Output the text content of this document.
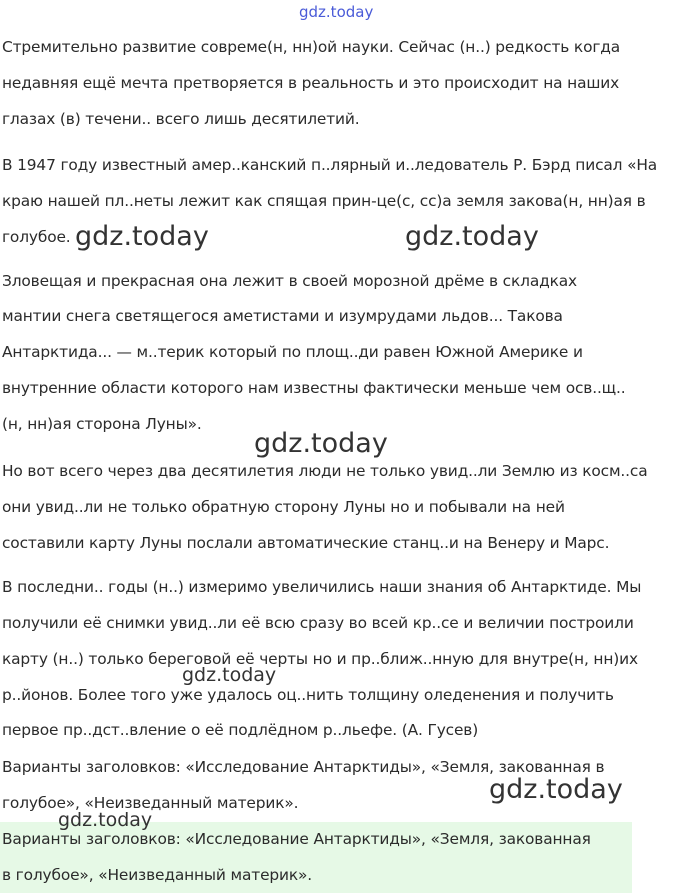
gdz.today
Стремительно развитие совреме(н, нн)ой науки. Сейчас (н..) редкость когда
недавняя ещё мечта претворяется в реальность и это происходит на наших
глазах (в) течени.. всего лишь десятилетий.
В 1947 году известный амер..канский п..лярный и..ледователь Р. Бэрд писал «На
краю нашей пл..неты лежит как спящая прин-це(с, сс)а земля закова(н, нн)ая в
голубое.
Зловещая и прекрасная она лежит в своей морозной дрёме в складках
мантии снега светящегося аметистами и изумрудами льдов... Такова
Антарктида... — м..терик который по площ..ди равен Южной Америке и
внутренние области которого нам известны фактически меньше чем осв..щ..
(н, нн)ая сторона Луны».
Но вот всего через два десятилетия люди не только увид..ли Землю из косм..са
они увид..ли не только обратную сторону Луны но и побывали на ней
составили карту Луны послали автоматические станц..и на Венеру и Марс.
В последни.. годы (н..) измеримо увеличились наши знания об Антарктиде. Мы
получили её снимки увид..ли её всю сразу во всей кр..се и величии построили
карту (н..) только береговой её черты но и пр..ближ..нную для внутре(н, нн)их
р..йонов. Более того уже удалось оц..нить толщину оледенения и получить
первое пр..дст..вление о её подлёдном р..льефе. (А. Гусев)
Варианты заголовков: «Исследование Антарктиды», «Земля, закованная в
голубое», «Неизведанный материк».
Варианты заголовков: «Исследование Антарктиды», «Земля, закованная
в голубое», «Неизведанный материк».
gdz.today	gdz.today
gdz.today
gdz.today
gdz.today
gdz.today
